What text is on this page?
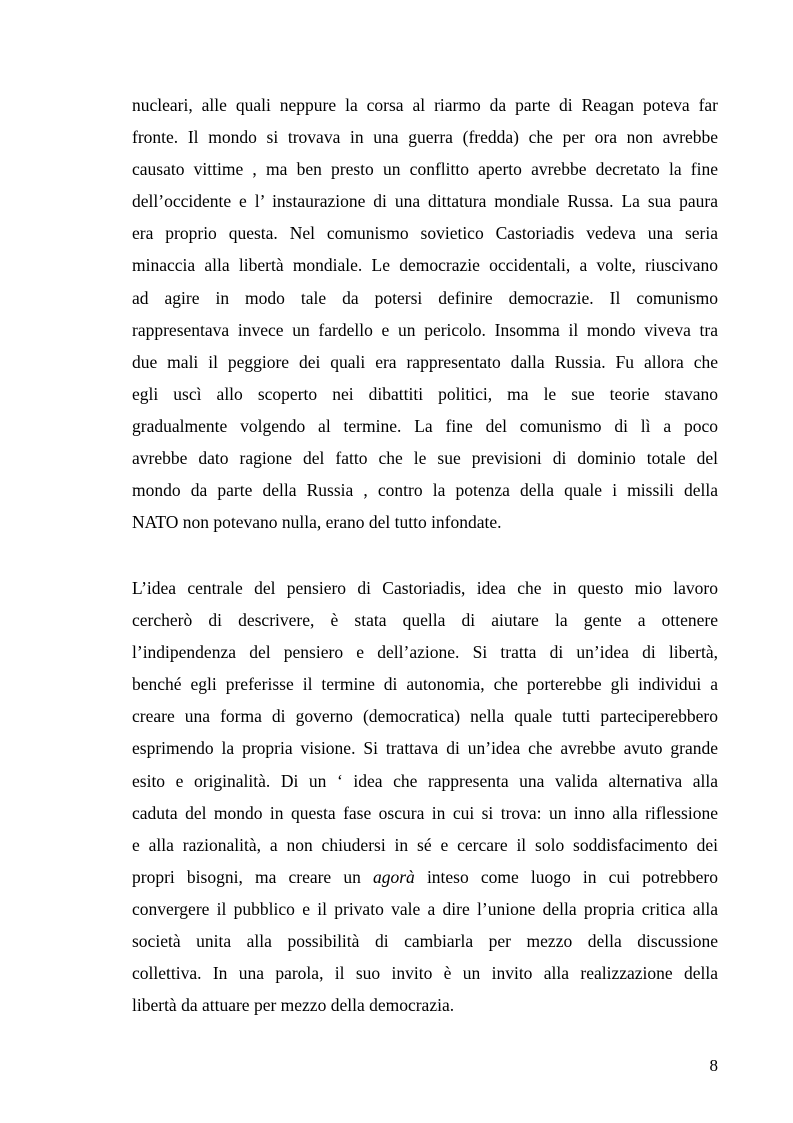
nucleari, alle quali neppure la corsa al riarmo da parte di Reagan poteva far
fronte. Il mondo si trovava in una guerra (fredda) che per ora non avrebbe
causato vittime , ma ben presto un conflitto aperto avrebbe decretato la fine
dell’occidente e l’ instaurazione di una dittatura mondiale Russa. La sua paura
era proprio questa. Nel comunismo sovietico Castoriadis vedeva una seria
minaccia alla libertà mondiale. Le democrazie occidentali, a volte, riuscivano
ad agire in modo tale da potersi definire democrazie. Il comunismo
rappresentava invece un fardello e un pericolo. Insomma il mondo viveva tra
due mali il peggiore dei quali era rappresentato dalla Russia. Fu allora che
egli uscì allo scoperto nei dibattiti politici, ma le sue teorie stavano
gradualmente volgendo al termine. La fine del comunismo di lì a poco
avrebbe dato ragione del fatto che le sue previsioni di dominio totale del
mondo da parte della Russia , contro la potenza della quale i missili della
NATO non potevano nulla, erano del tutto infondate.
L’idea centrale del pensiero di Castoriadis, idea che in questo mio lavoro
cercherò di descrivere, è stata quella di aiutare la gente a ottenere
l’indipendenza del pensiero e dell’azione. Si tratta di un’idea di libertà,
benché egli preferisse il termine di autonomia, che porterebbe gli individui a
creare una forma di governo (democratica) nella quale tutti parteciperebbero
esprimendo la propria visione. Si trattava di un’idea che avrebbe avuto grande
esito e originalità. Di un ‘ idea che rappresenta una valida alternativa alla
caduta del mondo in questa fase oscura in cui si trova: un inno alla riflessione
e alla razionalità, a non chiudersi in sé e cercare il solo soddisfacimento dei
propri bisogni, ma creare un agorà inteso come luogo in cui potrebbero
convergere il pubblico e il privato vale a dire l’unione della propria critica alla
società unita alla possibilità di cambiarla per mezzo della discussione
collettiva. In una parola, il suo invito è un invito alla realizzazione della
libertà da attuare per mezzo della democrazia.
8
